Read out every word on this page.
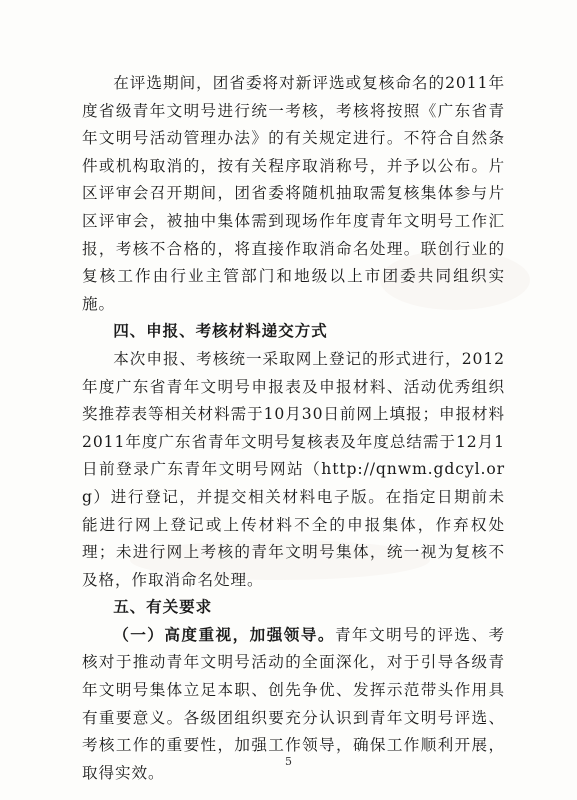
在评选期间，团省委将对新评选或复核命名的2011年度省级青年文明号进行统一考核，考核将按照《广东省青年文明号活动管理办法》的有关规定进行。不符合自然条件或机构取消的，按有关程序取消称号，并予以公布。片区评审会召开期间，团省委将随机抽取需复核集体参与片区评审会，被抽中集体需到现场作年度青年文明号工作汇报，考核不合格的，将直接作取消命名处理。联创行业的复核工作由行业主管部门和地级以上市团委共同组织实施。

四、申报、考核材料递交方式

本次申报、考核统一采取网上登记的形式进行，2012年度广东省青年文明号申报表及申报材料、活动优秀组织奖推荐表等相关材料需于10月30日前网上填报；申报材料2011年度广东省青年文明号复核表及年度总结需于12月1日前登录广东青年文明号网站（http://qnwm.gdcyl.org）进行登记，并提交相关材料电子版。在指定日期前未能进行网上登记或上传材料不全的申报集体，作弃权处理；未进行网上考核的青年文明号集体，统一视为复核不及格，作取消命名处理。

五、有关要求

（一）高度重视，加强领导。青年文明号的评选、考核对于推动青年文明号活动的全面深化，对于引导各级青年文明号集体立足本职、创先争优、发挥示范带头作用具有重要意义。各级团组织要充分认识到青年文明号评选、考核工作的重要性，加强工作领导，确保工作顺利开展，取得实效。

5
